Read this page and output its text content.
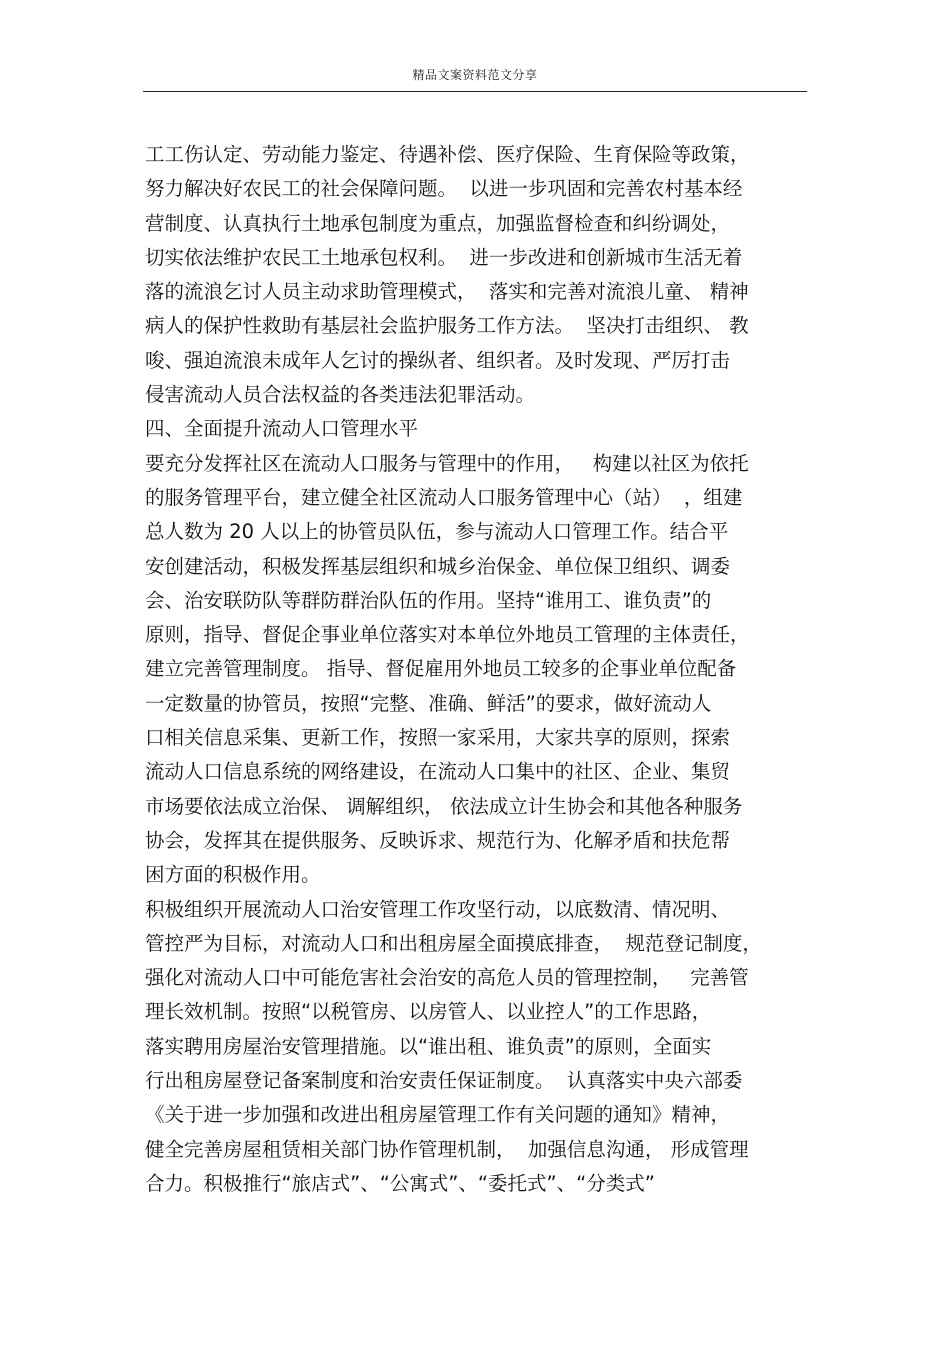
精品文案资料范文分享
工工伤认定、劳动能力鉴定、待遇补偿、医疗保险、生育保险等政策，
努力解决好农民工的社会保障问题。  以进一步巩固和完善农村基本经
营制度、认真执行土地承包制度为重点，加强监督检查和纠纷调处，
切实依法维护农民工土地承包权利。  进一步改进和创新城市生活无着
落的流浪乞讨人员主动求助管理模式，  落实和完善对流浪儿童、 精神
病人的保护性救助有基层社会监护服务工作方法。  坚决打击组织、 教
唆、强迫流浪未成年人乞讨的操纵者、组织者。及时发现、严厉打击
侵害流动人员合法权益的各类违法犯罪活动。
四、全面提升流动人口管理水平
要充分发挥社区在流动人口服务与管理中的作用，   构建以社区为依托
的服务管理平台，建立健全社区流动人口服务管理中心（站）  ，组建
总人数为 20 人以上的协管员队伍，参与流动人口管理工作。结合平
安创建活动，积极发挥基层组织和城乡治保金、单位保卫组织、调委
会、治安联防队等群防群治队伍的作用。坚持“谁用工、谁负责”的
原则，指导、督促企事业单位落实对本单位外地员工管理的主体责任，
建立完善管理制度。 指导、督促雇用外地员工较多的企事业单位配备
一定数量的协管员，按照“完整、准确、鲜活”的要求，做好流动人
口相关信息采集、更新工作，按照一家采用，大家共享的原则，探索
流动人口信息系统的网络建设，在流动人口集中的社区、企业、集贸
市场要依法成立治保、 调解组织， 依法成立计生协会和其他各种服务
协会，发挥其在提供服务、反映诉求、规范行为、化解矛盾和扶危帮
困方面的积极作用。
积极组织开展流动人口治安管理工作攻坚行动，以底数清、情况明、
管控严为目标，对流动人口和出租房屋全面摸底排查，  规范登记制度，
强化对流动人口中可能危害社会治安的高危人员的管理控制，   完善管
理长效机制。按照“以税管房、以房管人、以业控人”的工作思路，
落实聘用房屋治安管理措施。以“谁出租、谁负责”的原则，全面实
行出租房屋登记备案制度和治安责任保证制度。  认真落实中央六部委
《关于进一步加强和改进出租房屋管理工作有关问题的通知》精神，
健全完善房屋租赁相关部门协作管理机制，  加强信息沟通， 形成管理
合力。积极推行“旅店式”、“公寓式”、“委托式”、“分类式”
